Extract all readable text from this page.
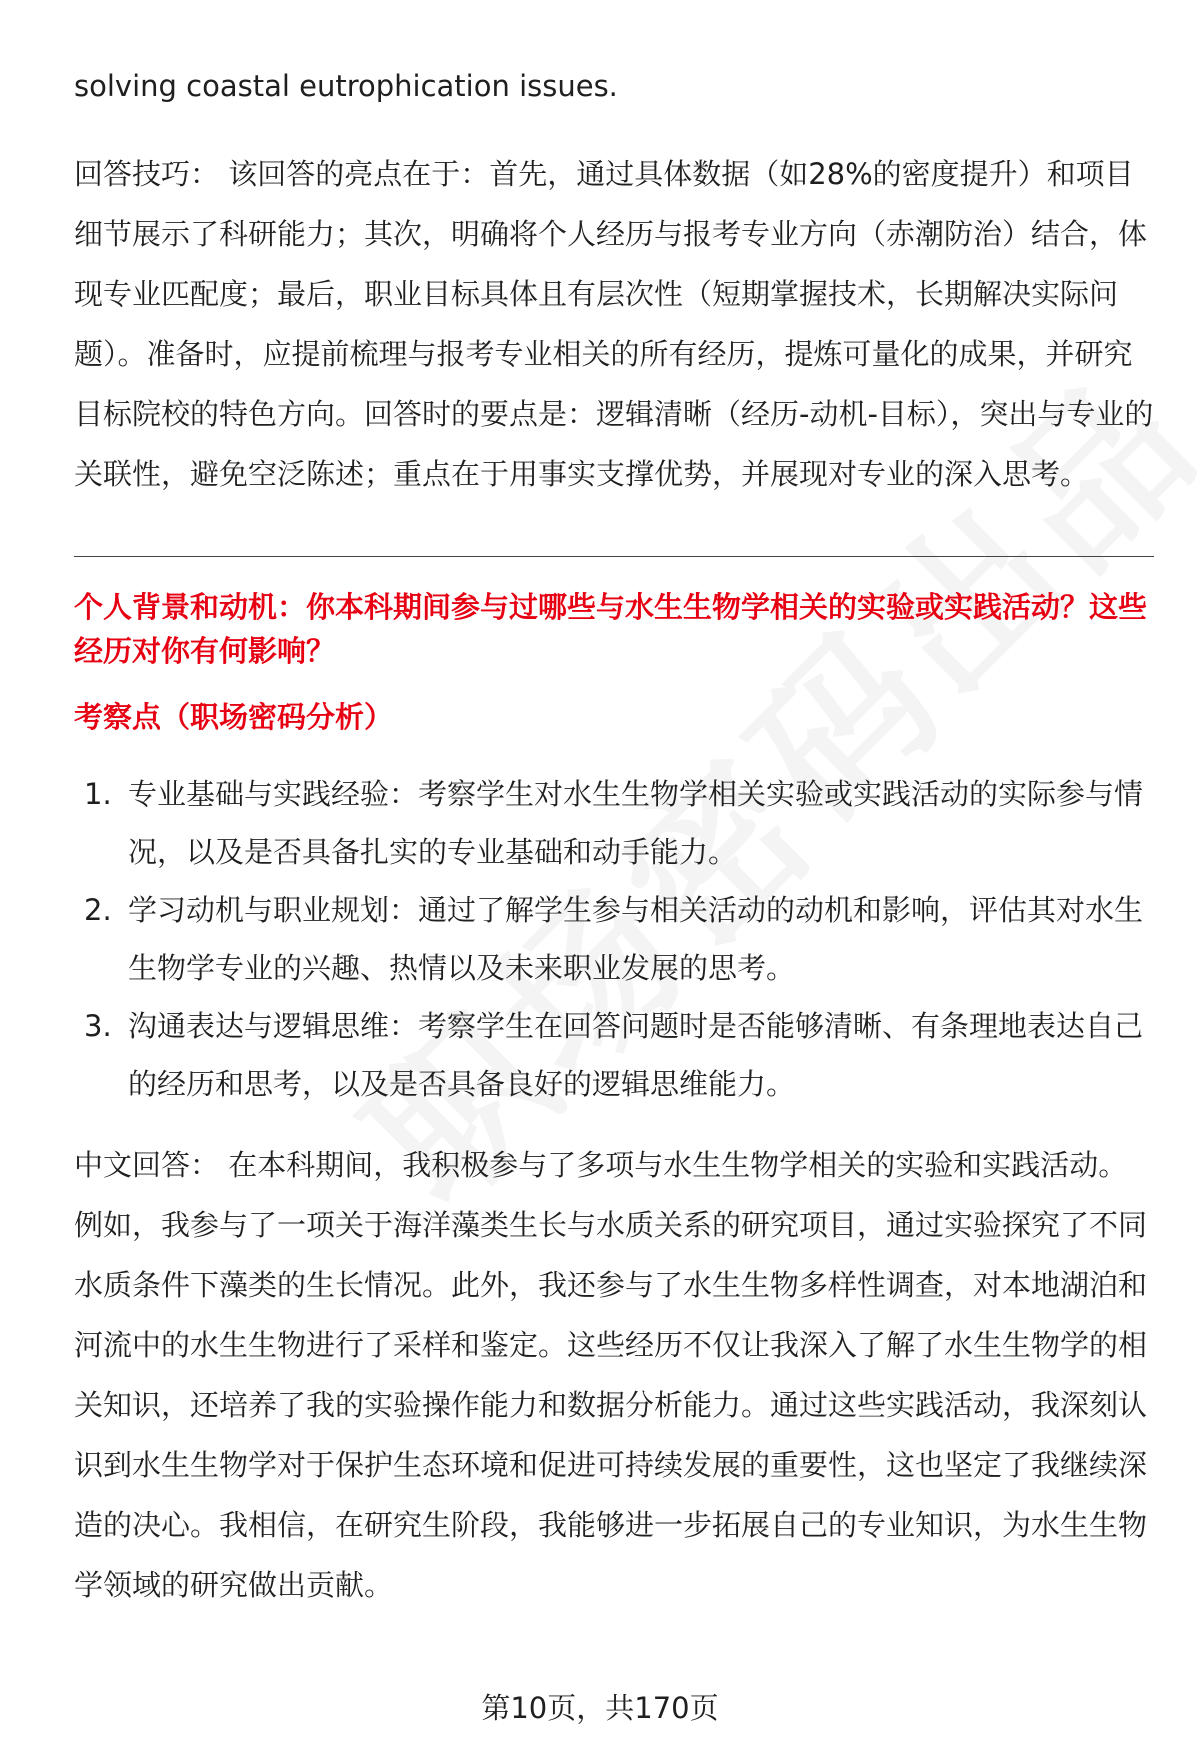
solving coastal eutrophication issues.

回答技巧： 该回答的亮点在于：首先，通过具体数据（如28%的密度提升）和项目细节展示了科研能力；其次，明确将个人经历与报考专业方向（赤潮防治）结合，体现专业匹配度；最后，职业目标具体且有层次性（短期掌握技术，长期解决实际问题）。准备时，应提前梳理与报考专业相关的所有经历，提炼可量化的成果，并研究目标院校的特色方向。回答时的要点是：逻辑清晰（经历-动机-目标），突出与专业的关联性，避免空泛陈述；重点在于用事实支撑优势，并展现对专业的深入思考。

个人背景和动机：你本科期间参与过哪些与水生生物学相关的实验或实践活动？这些经历对你有何影响？

考察点（职场密码分析）

1. 专业基础与实践经验：考察学生对水生生物学相关实验或实践活动的实际参与情况，以及是否具备扎实的专业基础和动手能力。
2. 学习动机与职业规划：通过了解学生参与相关活动的动机和影响，评估其对水生生物学专业的兴趣、热情以及未来职业发展的思考。
3. 沟通表达与逻辑思维：考察学生在回答问题时是否能够清晰、有条理地表达自己的经历和思考，以及是否具备良好的逻辑思维能力。

中文回答： 在本科期间，我积极参与了多项与水生生物学相关的实验和实践活动。例如，我参与了一项关于海洋藻类生长与水质关系的研究项目，通过实验探究了不同水质条件下藻类的生长情况。此外，我还参与了水生生物多样性调查，对本地湖泊和河流中的水生生物进行了采样和鉴定。这些经历不仅让我深入了解了水生生物学的相关知识，还培养了我的实验操作能力和数据分析能力。通过这些实践活动，我深刻认识到水生生物学对于保护生态环境和促进可持续发展的重要性，这也坚定了我继续深造的决心。我相信，在研究生阶段，我能够进一步拓展自己的专业知识，为水生生物学领域的研究做出贡献。

第10页，共170页
